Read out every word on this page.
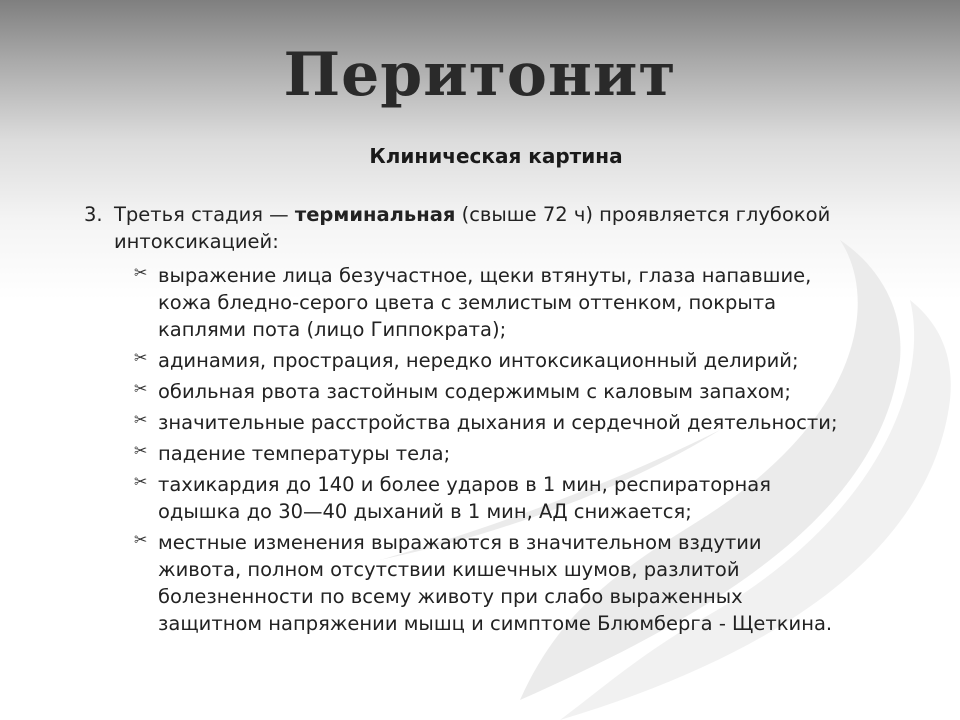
Перитонит
Клиническая картина
3. Третья стадия — терминальная (свыше 72 ч) проявляется глубокой
интоксикацией:
✂ выражение лица безучастное, щеки втянуты, глаза напавшие,
кожа бледно-серого цвета с землистым оттенком, покрыта
каплями пота (лицо Гиппократа);
✂ адинамия, прострация, нередко интоксикационный делирий;
✂ обильная рвота застойным содержимым с каловым запахом;
✂ значительные расстройства дыхания и сердечной деятельности;
✂ падение температуры тела;
✂ тахикардия до 140 и более ударов в 1 мин, респираторная
одышка до 30—40 дыханий в 1 мин, АД снижается;
✂ местные изменения выражаются в значительном вздутии
живота, полном отсутствии кишечных шумов, разлитой
болезненности по всему животу при слабо выраженных
защитном напряжении мышц и симптоме Блюмберга - Щеткина.
